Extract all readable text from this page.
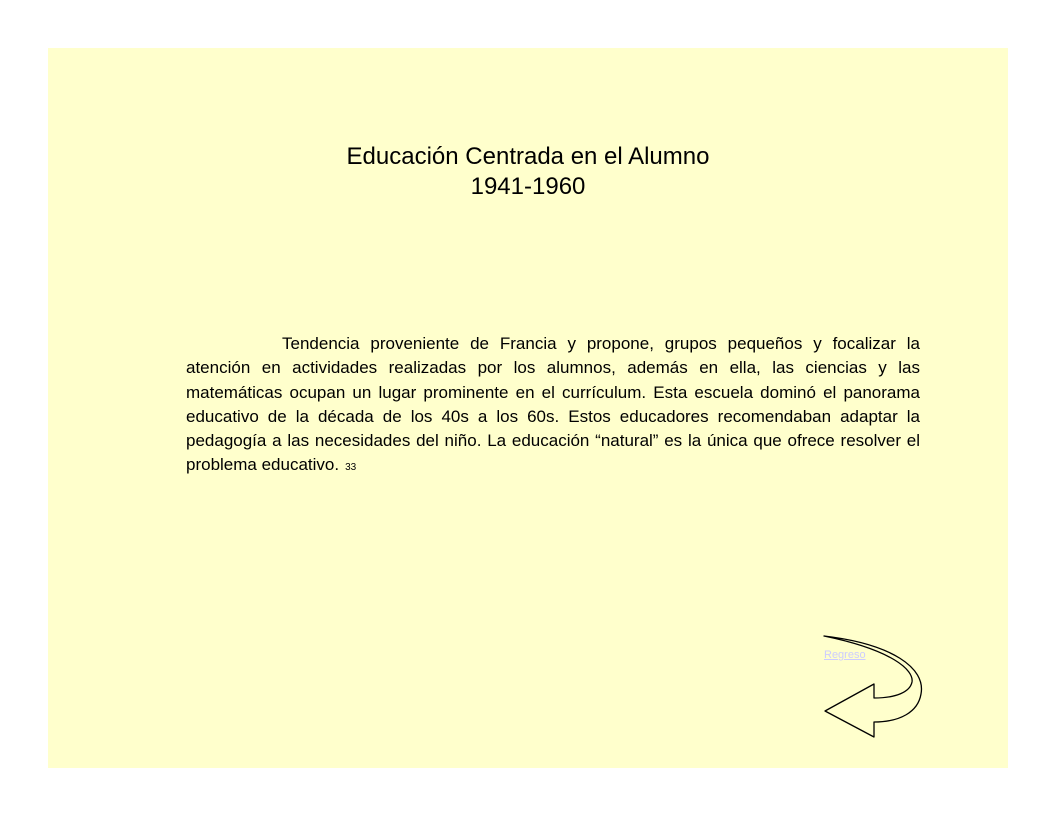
Educación Centrada en el Alumno
1941-1960

Tendencia proveniente de Francia y propone, grupos pequeños y focalizar la atención en actividades realizadas por los alumnos, además en ella, las ciencias y las matemáticas ocupan un lugar prominente en el currículum. Esta escuela dominó el panorama educativo de la década de los 40s a los 60s. Estos educadores recomendaban adaptar la pedagogía a las necesidades del niño. La educación “natural” es la única que ofrece resolver el problema educativo. 33

Regreso
